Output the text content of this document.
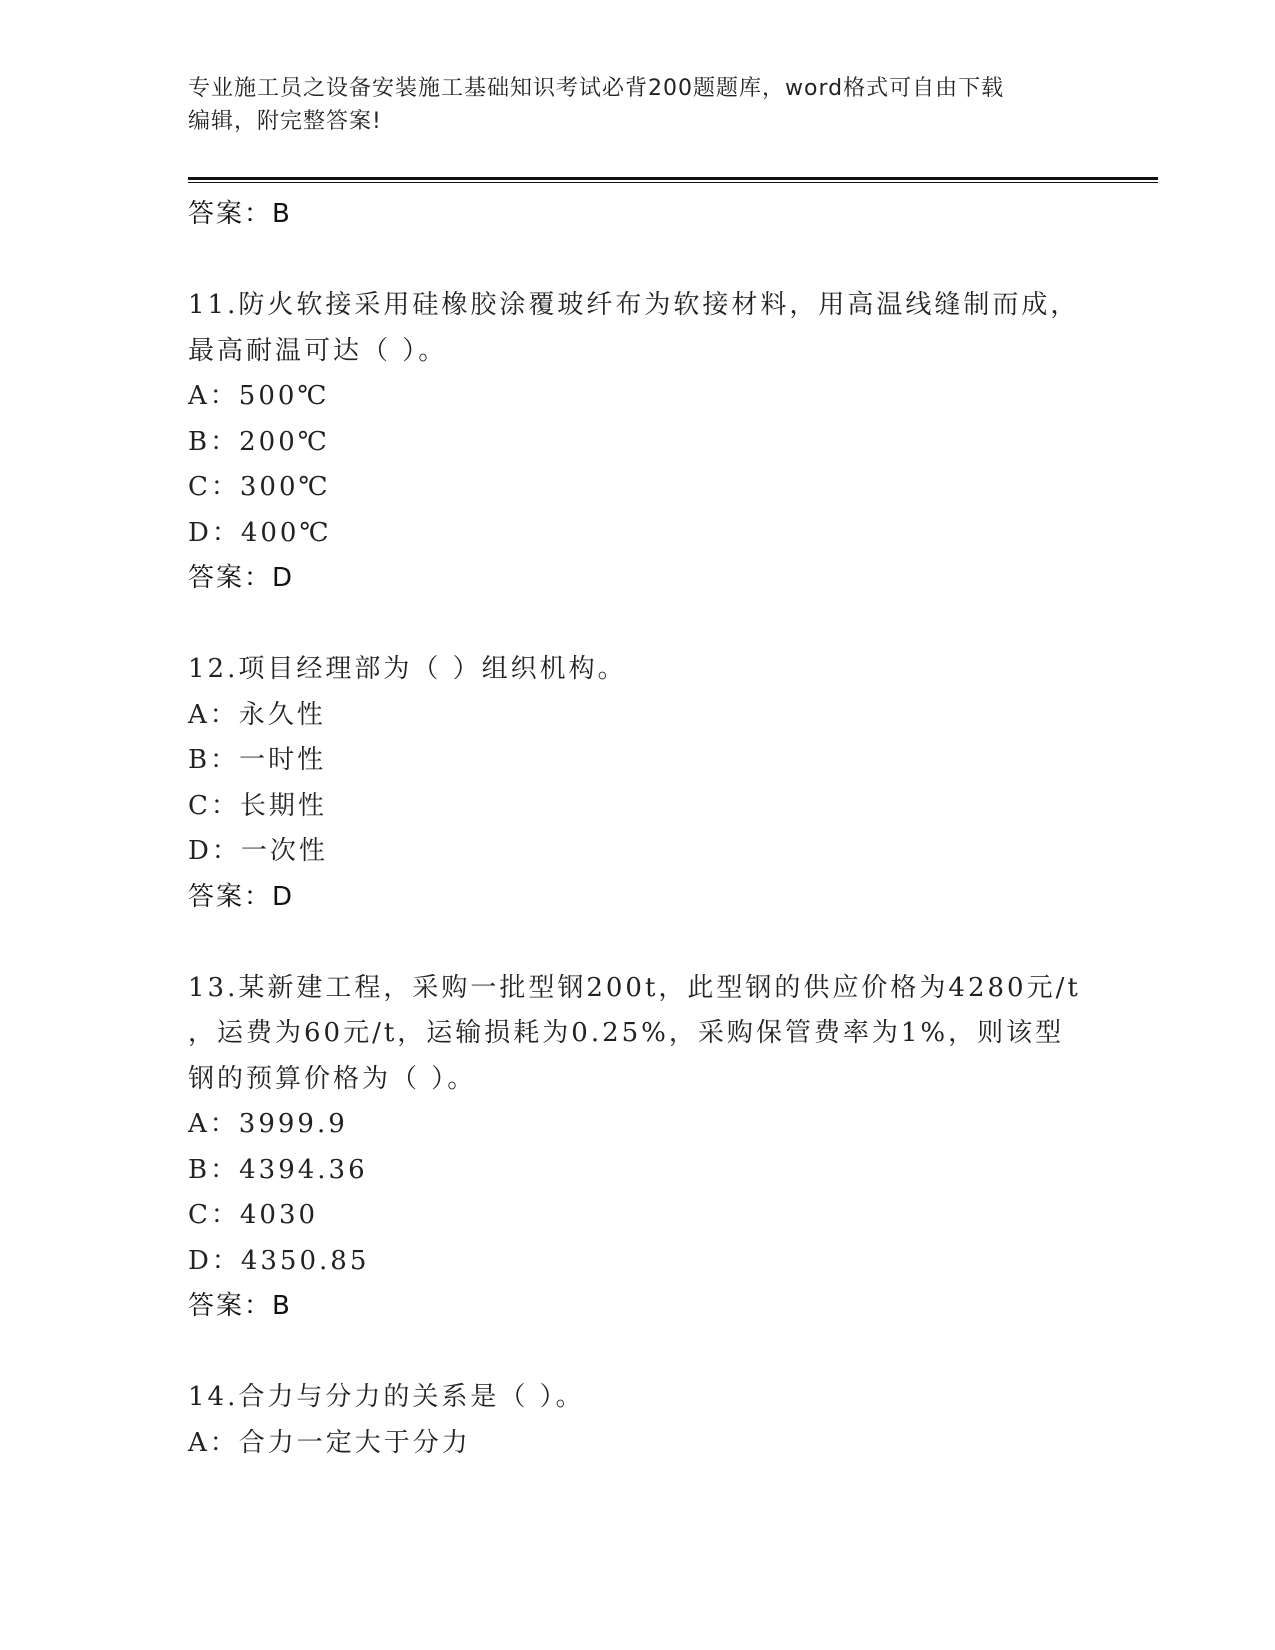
专业施工员之设备安装施工基础知识考试必背200题题库，word格式可自由下载
编辑，附完整答案!
答案：B
11.防火软接采用硅橡胶涂覆玻纤布为软接材料，用高温线缝制而成，
最高耐温可达（ ）。
A：500℃
B：200℃
C：300℃
D：400℃
答案：D
12.项目经理部为（ ）组织机构。
A：永久性
B：一时性
C：长期性
D：一次性
答案：D
13.某新建工程，采购一批型钢200t，此型钢的供应价格为4280元/t
，运费为60元/t，运输损耗为0.25%，采购保管费率为1%，则该型
钢的预算价格为（ ）。
A：3999.9
B：4394.36
C：4030
D：4350.85
答案：B
14.合力与分力的关系是（ ）。
A：合力一定大于分力
